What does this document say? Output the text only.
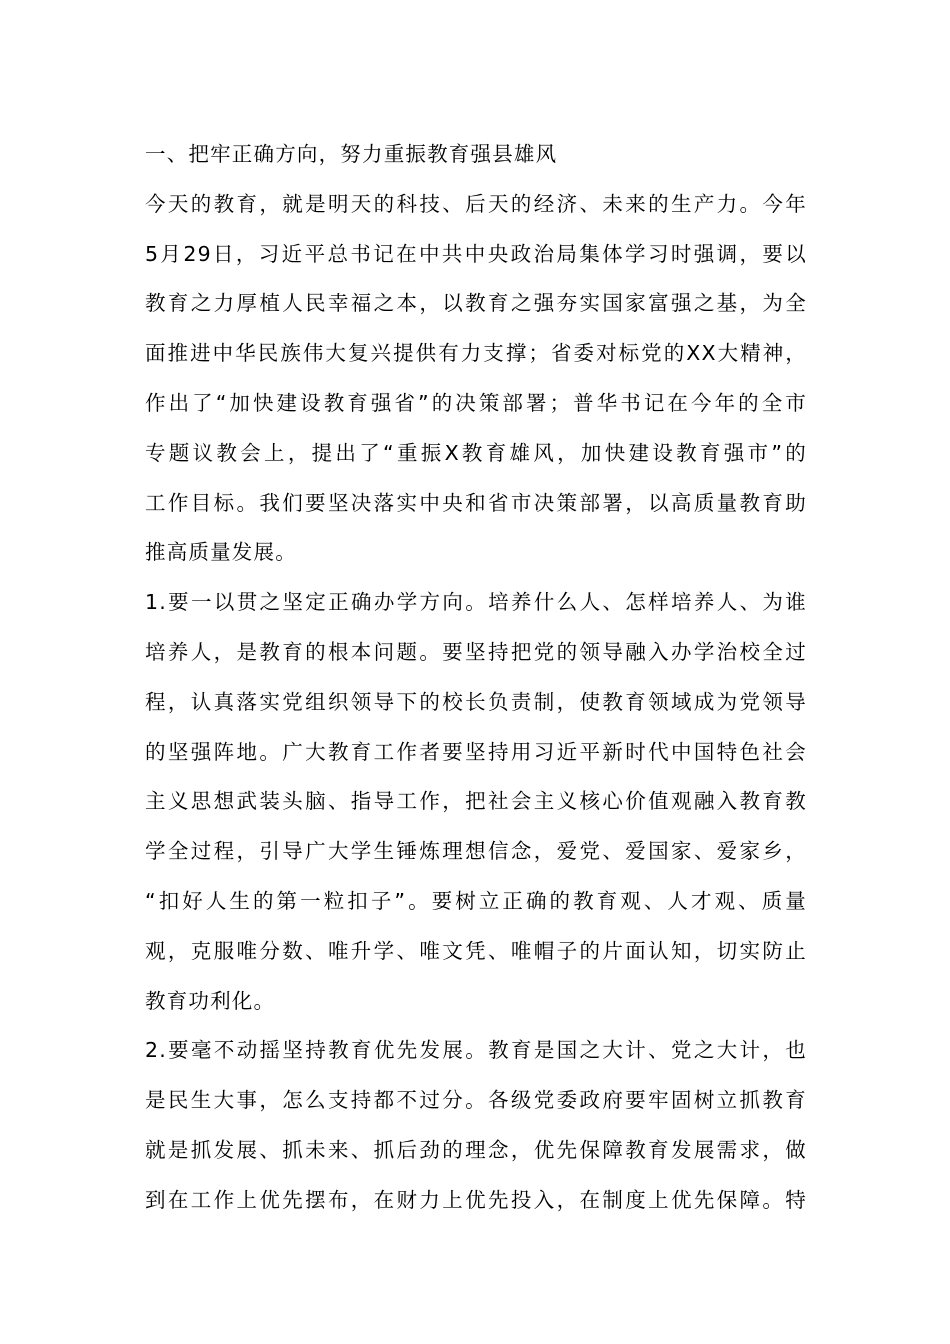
一、把牢正确方向，努力重振教育强县雄风
今天的教育，就是明天的科技、后天的经济、未来的生产力。今年
5月29日，习近平总书记在中共中央政治局集体学习时强调，要以
教育之力厚植人民幸福之本，以教育之强夯实国家富强之基，为全
面推进中华民族伟大复兴提供有力支撑；省委对标党的XX大精神，
作出了“加快建设教育强省”的决策部署；普华书记在今年的全市
专题议教会上，提出了“重振X教育雄风，加快建设教育强市”的
工作目标。我们要坚决落实中央和省市决策部署，以高质量教育助
推高质量发展。
1.要一以贯之坚定正确办学方向。培养什么人、怎样培养人、为谁
培养人，是教育的根本问题。要坚持把党的领导融入办学治校全过
程，认真落实党组织领导下的校长负责制，使教育领域成为党领导
的坚强阵地。广大教育工作者要坚持用习近平新时代中国特色社会
主义思想武装头脑、指导工作，把社会主义核心价值观融入教育教
学全过程，引导广大学生锤炼理想信念，爱党、爱国家、爱家乡，
“扣好人生的第一粒扣子”。要树立正确的教育观、人才观、质量
观，克服唯分数、唯升学、唯文凭、唯帽子的片面认知，切实防止
教育功利化。
2.要毫不动摇坚持教育优先发展。教育是国之大计、党之大计，也
是民生大事，怎么支持都不过分。各级党委政府要牢固树立抓教育
就是抓发展、抓未来、抓后劲的理念，优先保障教育发展需求，做
到在工作上优先摆布，在财力上优先投入，在制度上优先保障。特
